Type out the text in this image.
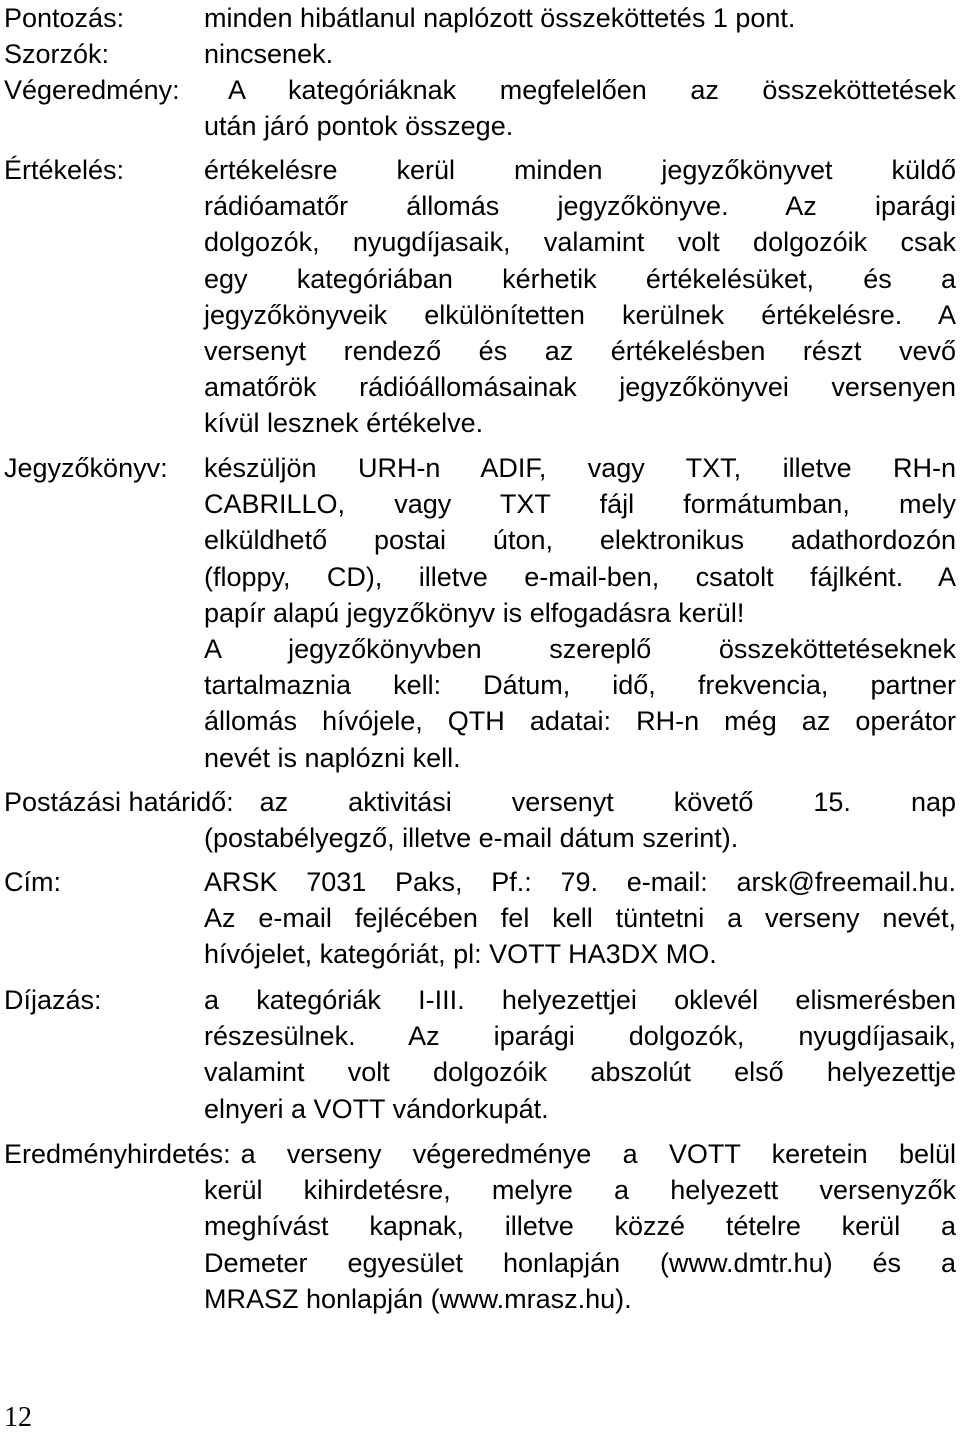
Pontozás:	minden hibátlanul naplózott összeköttetés 1 pont.
Szorzók:	nincsenek.
Végeredmény: A kategóriáknak megfelelően az összeköttetések
után járó pontok összege.
Értékelés:	értékelésre kerül minden jegyzőkönyvet küldő
rádióamatőr állomás jegyzőkönyve. Az iparági
dolgozók, nyugdíjasaik, valamint volt dolgozóik csak
egy kategóriában kérhetik értékelésüket, és a
jegyzőkönyveik elkülönítetten kerülnek értékelésre. A
versenyt rendező és az értékelésben részt vevő
amatőrök rádióállomásainak jegyzőkönyvei versenyen
kívül lesznek értékelve.
Jegyzőkönyv: készüljön URH-n ADIF, vagy TXT, illetve RH-n
CABRILLO, vagy TXT fájl formátumban, mely
elküldhető postai úton, elektronikus adathordozón
(floppy, CD), illetve e-mail-ben, csatolt fájlként. A
papír alapú jegyzőkönyv is elfogadásra kerül!
A jegyzőkönyvben szereplő összeköttetéseknek
tartalmaznia kell: Dátum, idő, frekvencia, partner
állomás hívójele, QTH adatai: RH-n még az operátor
nevét is naplózni kell.
Postázási határidő: az aktivitási versenyt követő 15. nap
(postabélyegző, illetve e-mail dátum szerint).
Cím:	ARSK 7031 Paks, Pf.: 79. e-mail: arsk@freemail.hu.
Az e-mail fejlécében fel kell tüntetni a verseny nevét,
hívójelet, kategóriát, pl: VOTT HA3DX MO.
Díjazás:	a kategóriák I-III. helyezettjei oklevél elismerésben
részesülnek. Az iparági dolgozók, nyugdíjasaik,
valamint volt dolgozóik abszolút első helyezettje
elnyeri a VOTT vándorkupát.
Eredményhirdetés: a verseny végeredménye a VOTT keretein belül
kerül kihirdetésre, melyre a helyezett versenyzők
meghívást kapnak, illetve közzé tételre kerül a
Demeter egyesület honlapján (www.dmtr.hu) és a
MRASZ honlapján (www.mrasz.hu).
12
